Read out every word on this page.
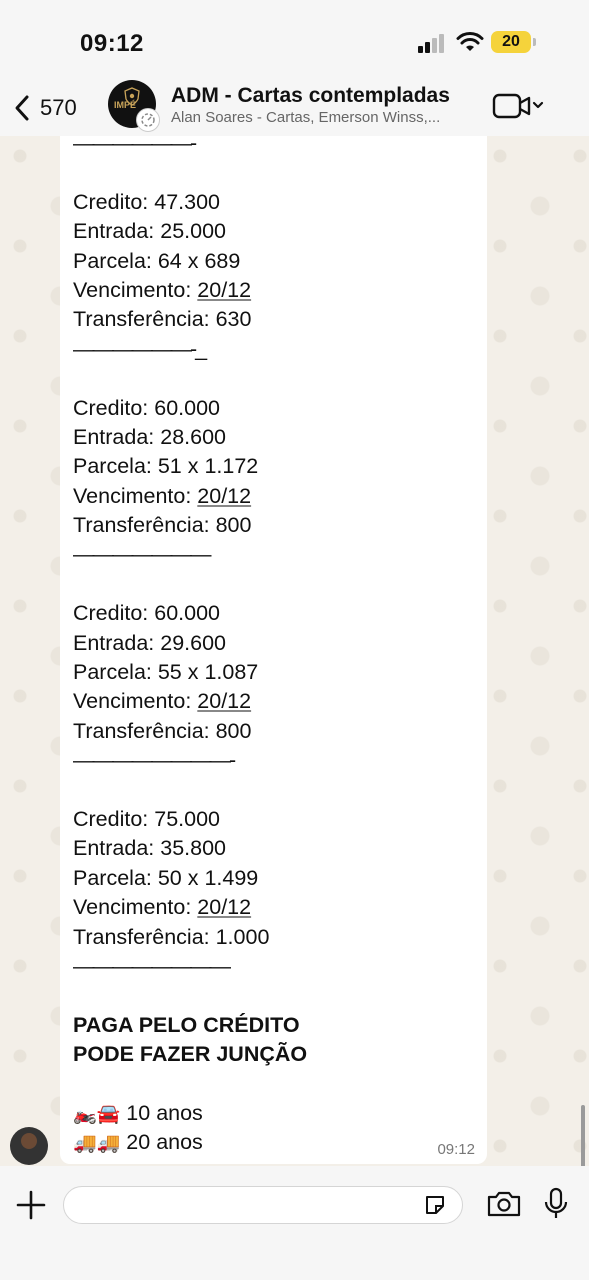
09:12	20
570	IMPÉ ADM - Cartas contempladas
Alan Soares - Cartas, Emerson Winss,...
——————-
Credito: 47.300
Entrada: 25.000
Parcela: 64 x 689
Vencimento: 20/12
Transferência: 630
——————-_
Credito: 60.000
Entrada: 28.600
Parcela: 51 x 1.172
Vencimento: 20/12
Transferência: 800
———————
Credito: 60.000
Entrada: 29.600
Parcela: 55 x 1.087
Vencimento: 20/12
Transferência: 800
————————-
Credito: 75.000
Entrada: 35.800
Parcela: 50 x 1.499
Vencimento: 20/12
Transferência: 1.000
————————
PAGA PELO CRÉDITO
PODE FAZER JUNÇÃO
🏍️🚘 10 anos
🚚🚚 20 anos	09:12
